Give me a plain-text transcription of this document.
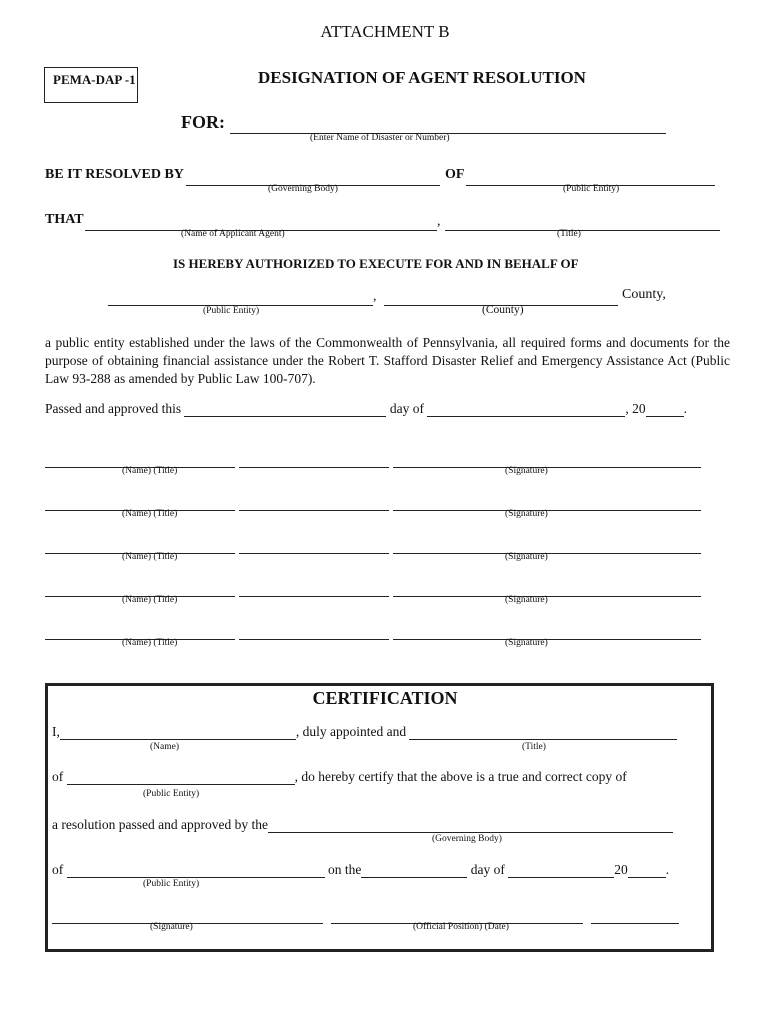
ATTACHMENT B
PEMA-DAP -1	DESIGNATION OF AGENT RESOLUTION
FOR:
(Enter Name of Disaster or Number)
BE IT RESOLVED BY	OF
(Governing Body)	(Public Entity)
THAT	,
(Name of Applicant Agent)	(Title)
IS HEREBY AUTHORIZED TO EXECUTE FOR AND IN BEHALF OF
,	County,
(Public Entity)	(County)
a public entity established under the laws of the Commonwealth of Pennsylvania, all required forms and documents for the purpose of obtaining financial assistance under the Robert T. Stafford Disaster Relief and Emergency Assistance Act (Public Law 93-288 as amended by Public Law 100-707).
Passed and approved this	day of	, 20	.
(Name) (Title)	(Signature)
(Name) (Title)	(Signature)
(Name) (Title)	(Signature)
(Name) (Title)	(Signature)
(Name) (Title)	(Signature)
CERTIFICATION
I,	, duly appointed and
(Name)	(Title)
of	, do hereby certify that the above is a true and correct copy of
(Public Entity)
a resolution passed and approved by the
(Governing Body)
of	on the	day of	20	.
(Public Entity)

(Signature)	(Official Position) (Date)
